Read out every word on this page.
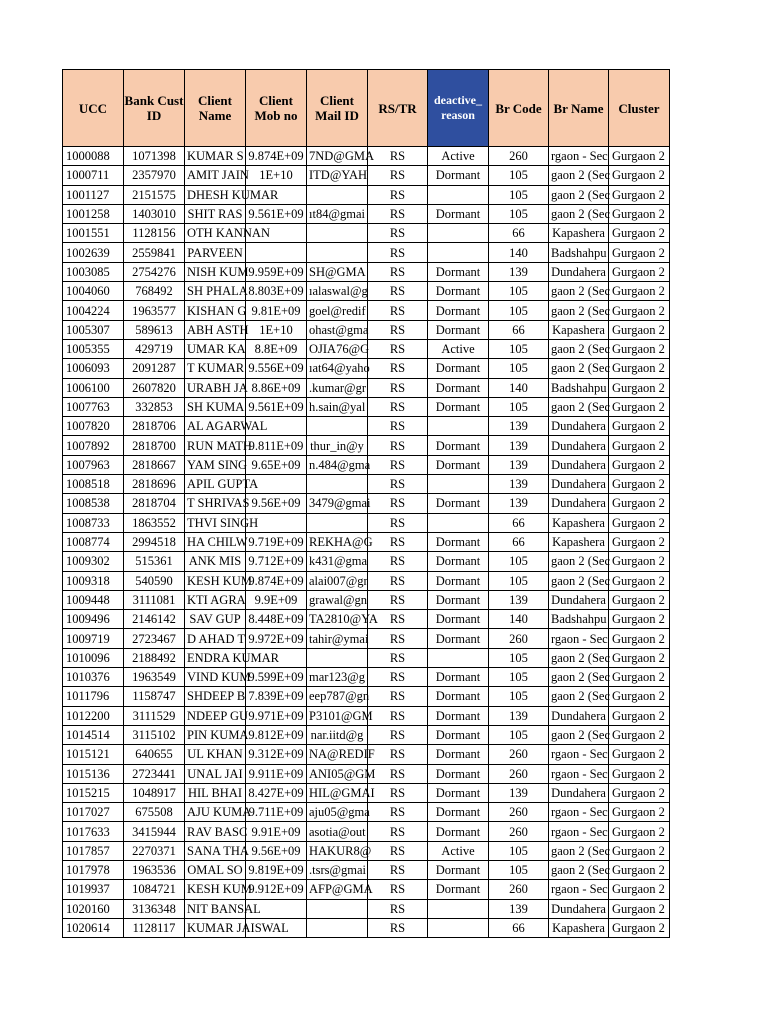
UCC	Bank Cust ID	Client Name	Client Mob no	Client Mail ID	RS/TR	deactive_ reason	Br Code	Br Name	Cluster
1000088	1071398	KUMAR S	9.874E+09	7ND@GMA	RS	Active	260	rgaon - Sec	Gurgaon 2
1000711	2357970	AMIT JAIN	1E+10	ITD@YAH	RS	Dormant	105	gaon 2 (Sec	Gurgaon 2
1001127	2151575	DHESH KUMAR			RS		105	gaon 2 (Sec	Gurgaon 2
1001258	1403010	SHIT RAS	9.561E+09	ıt84@gmai	RS	Dormant	105	gaon 2 (Sec	Gurgaon 2
1001551	1128156	OTH KANNAN			RS		66	Kapashera	Gurgaon 2
1002639	2559841	PARVEEN			RS		140	Badshahpu	Gurgaon 2
1003085	2754276	NISH KUM	9.959E+09	SH@GMA	RS	Dormant	139	Dundahera	Gurgaon 2
1004060	768492	SH PHALA	8.803E+09	ıalaswal@g	RS	Dormant	105	gaon 2 (Sec	Gurgaon 2
1004224	1963577	KISHAN G	9.81E+09	goel@redif	RS	Dormant	105	gaon 2 (Sec	Gurgaon 2
1005307	589613	ABH ASTH	1E+10	ohast@gma	RS	Dormant	66	Kapashera	Gurgaon 2
1005355	429719	UMAR KA	8.8E+09	OJIA76@G	RS	Active	105	gaon 2 (Sec	Gurgaon 2
1006093	2091287	T KUMAR	9.556E+09	ıat64@yaho	RS	Dormant	105	gaon 2 (Sec	Gurgaon 2
1006100	2607820	URABH JA	8.86E+09	.kumar@gr	RS	Dormant	140	Badshahpu	Gurgaon 2
1007763	332853	SH KUMA	9.561E+09	h.sain@yal	RS	Dormant	105	gaon 2 (Sec	Gurgaon 2
1007820	2818706	AL AGARWAL			RS		139	Dundahera	Gurgaon 2
1007892	2818700	RUN MATH	9.811E+09	thur_in@y	RS	Dormant	139	Dundahera	Gurgaon 2
1007963	2818667	YAM SING	9.65E+09	n.484@gma	RS	Dormant	139	Dundahera	Gurgaon 2
1008518	2818696	APIL GUPTA			RS		139	Dundahera	Gurgaon 2
1008538	2818704	T SHRIVAS	9.56E+09	3479@gmai	RS	Dormant	139	Dundahera	Gurgaon 2
1008733	1863552	THVI SINGH			RS		66	Kapashera	Gurgaon 2
1008774	2994518	HA CHILW	9.719E+09	REKHA@G	RS	Dormant	66	Kapashera	Gurgaon 2
1009302	515361	ANK MIS	9.712E+09	k431@gma	RS	Dormant	105	gaon 2 (Sec	Gurgaon 2
1009318	540590	KESH KUM	9.874E+09	alai007@gr	RS	Dormant	105	gaon 2 (Sec	Gurgaon 2
1009448	3111081	KTI AGRA	9.9E+09	grawal@gn	RS	Dormant	139	Dundahera	Gurgaon 2
1009496	2146142	SAV GUP	8.448E+09	TA2810@YA	RS	Dormant	140	Badshahpu	Gurgaon 2
1009719	2723467	D AHAD T	9.972E+09	tahir@ymai	RS	Dormant	260	rgaon - Sec	Gurgaon 2
1010096	2188492	ENDRA KUMAR			RS		105	gaon 2 (Sec	Gurgaon 2
1010376	1963549	VIND KUM	9.599E+09	mar123@g	RS	Dormant	105	gaon 2 (Sec	Gurgaon 2
1011796	1158747	SHDEEP B	7.839E+09	eep787@gn	RS	Dormant	105	gaon 2 (Sec	Gurgaon 2
1012200	3111529	NDEEP GU	9.971E+09	P3101@GM	RS	Dormant	139	Dundahera	Gurgaon 2
1014514	3115102	PIN KUMA	9.812E+09	nar.iitd@g	RS	Dormant	105	gaon 2 (Sec	Gurgaon 2
1015121	640655	UL KHAN	9.312E+09	NA@REDIF	RS	Dormant	260	rgaon - Sec	Gurgaon 2
1015136	2723441	UNAL JAI	9.911E+09	ANI05@GM	RS	Dormant	260	rgaon - Sec	Gurgaon 2
1015215	1048917	HIL BHAI	8.427E+09	HIL@GMAI	RS	Dormant	139	Dundahera	Gurgaon 2
1017027	675508	AJU KUMA	9.711E+09	aju05@gma	RS	Dormant	260	rgaon - Sec	Gurgaon 2
1017633	3415944	RAV BASC	9.91E+09	asotia@out	RS	Dormant	260	rgaon - Sec	Gurgaon 2
1017857	2270371	SANA THA	9.56E+09	HAKUR8@	RS	Active	105	gaon 2 (Sec	Gurgaon 2
1017978	1963536	OMAL SO	9.819E+09	.tsrs@gmai	RS	Dormant	105	gaon 2 (Sec	Gurgaon 2
1019937	1084721	KESH KUM	9.912E+09	AFP@GMA	RS	Dormant	260	rgaon - Sec	Gurgaon 2
1020160	3136348	NIT BANSAL			RS		139	Dundahera	Gurgaon 2
1020614	1128117	KUMAR JAISWAL			RS		66	Kapashera	Gurgaon 2
